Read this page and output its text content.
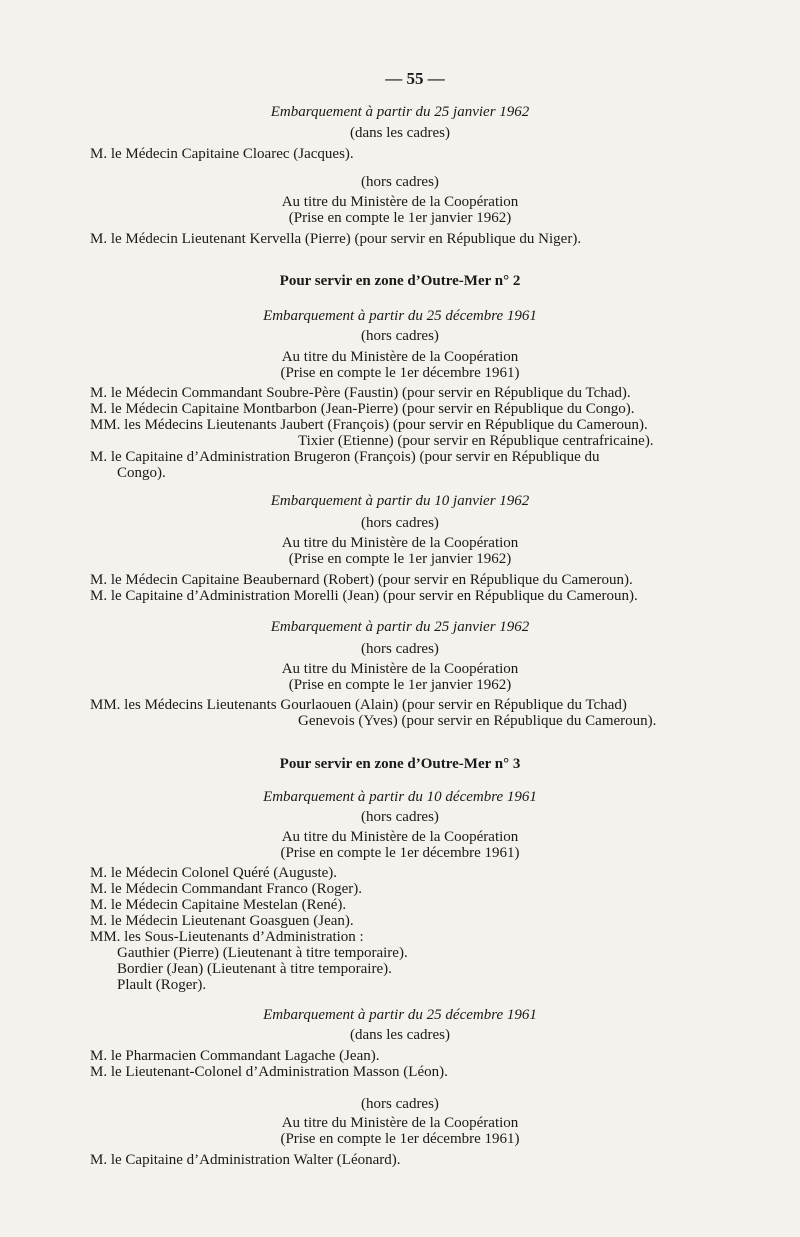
— 55 —
Embarquement à partir du 25 janvier 1962
(dans les cadres)
M. le Médecin Capitaine Cloarec (Jacques).
(hors cadres)
Au titre du Ministère de la Coopération
(Prise en compte le 1er janvier 1962)
M. le Médecin Lieutenant Kervella (Pierre) (pour servir en République du Niger).
Pour servir en zone d’Outre-Mer n° 2
Embarquement à partir du 25 décembre 1961
(hors cadres)
Au titre du Ministère de la Coopération
(Prise en compte le 1er décembre 1961)
M. le Médecin Commandant Soubre-Père (Faustin) (pour servir en République du Tchad).
M. le Médecin Capitaine Montbarbon (Jean-Pierre) (pour servir en République du Congo).
MM. les Médecins Lieutenants Jaubert (François) (pour servir en République du Cameroun).
Tixier (Etienne) (pour servir en République centrafricaine).
M. le Capitaine d’Administration Brugeron (François) (pour servir en République du
Congo).
Embarquement à partir du 10 janvier 1962
(hors cadres)
Au titre du Ministère de la Coopération
(Prise en compte le 1er janvier 1962)
M. le Médecin Capitaine Beaubernard (Robert) (pour servir en République du Cameroun).
M. le Capitaine d’Administration Morelli (Jean) (pour servir en République du Cameroun).
Embarquement à partir du 25 janvier 1962
(hors cadres)
Au titre du Ministère de la Coopération
(Prise en compte le 1er janvier 1962)
MM. les Médecins Lieutenants Gourlaouen (Alain) (pour servir en République du Tchad)
Genevois (Yves) (pour servir en République du Cameroun).
Pour servir en zone d’Outre-Mer n° 3
Embarquement à partir du 10 décembre 1961
(hors cadres)
Au titre du Ministère de la Coopération
(Prise en compte le 1er décembre 1961)
M. le Médecin Colonel Quéré (Auguste).
M. le Médecin Commandant Franco (Roger).
M. le Médecin Capitaine Mestelan (René).
M. le Médecin Lieutenant Goasguen (Jean).
MM. les Sous-Lieutenants d’Administration :
Gauthier (Pierre) (Lieutenant à titre temporaire).
Bordier (Jean) (Lieutenant à titre temporaire).
Plault (Roger).
Embarquement à partir du 25 décembre 1961
(dans les cadres)
M. le Pharmacien Commandant Lagache (Jean).
M. le Lieutenant-Colonel d’Administration Masson (Léon).
(hors cadres)
Au titre du Ministère de la Coopération
(Prise en compte le 1er décembre 1961)
M. le Capitaine d’Administration Walter (Léonard).
